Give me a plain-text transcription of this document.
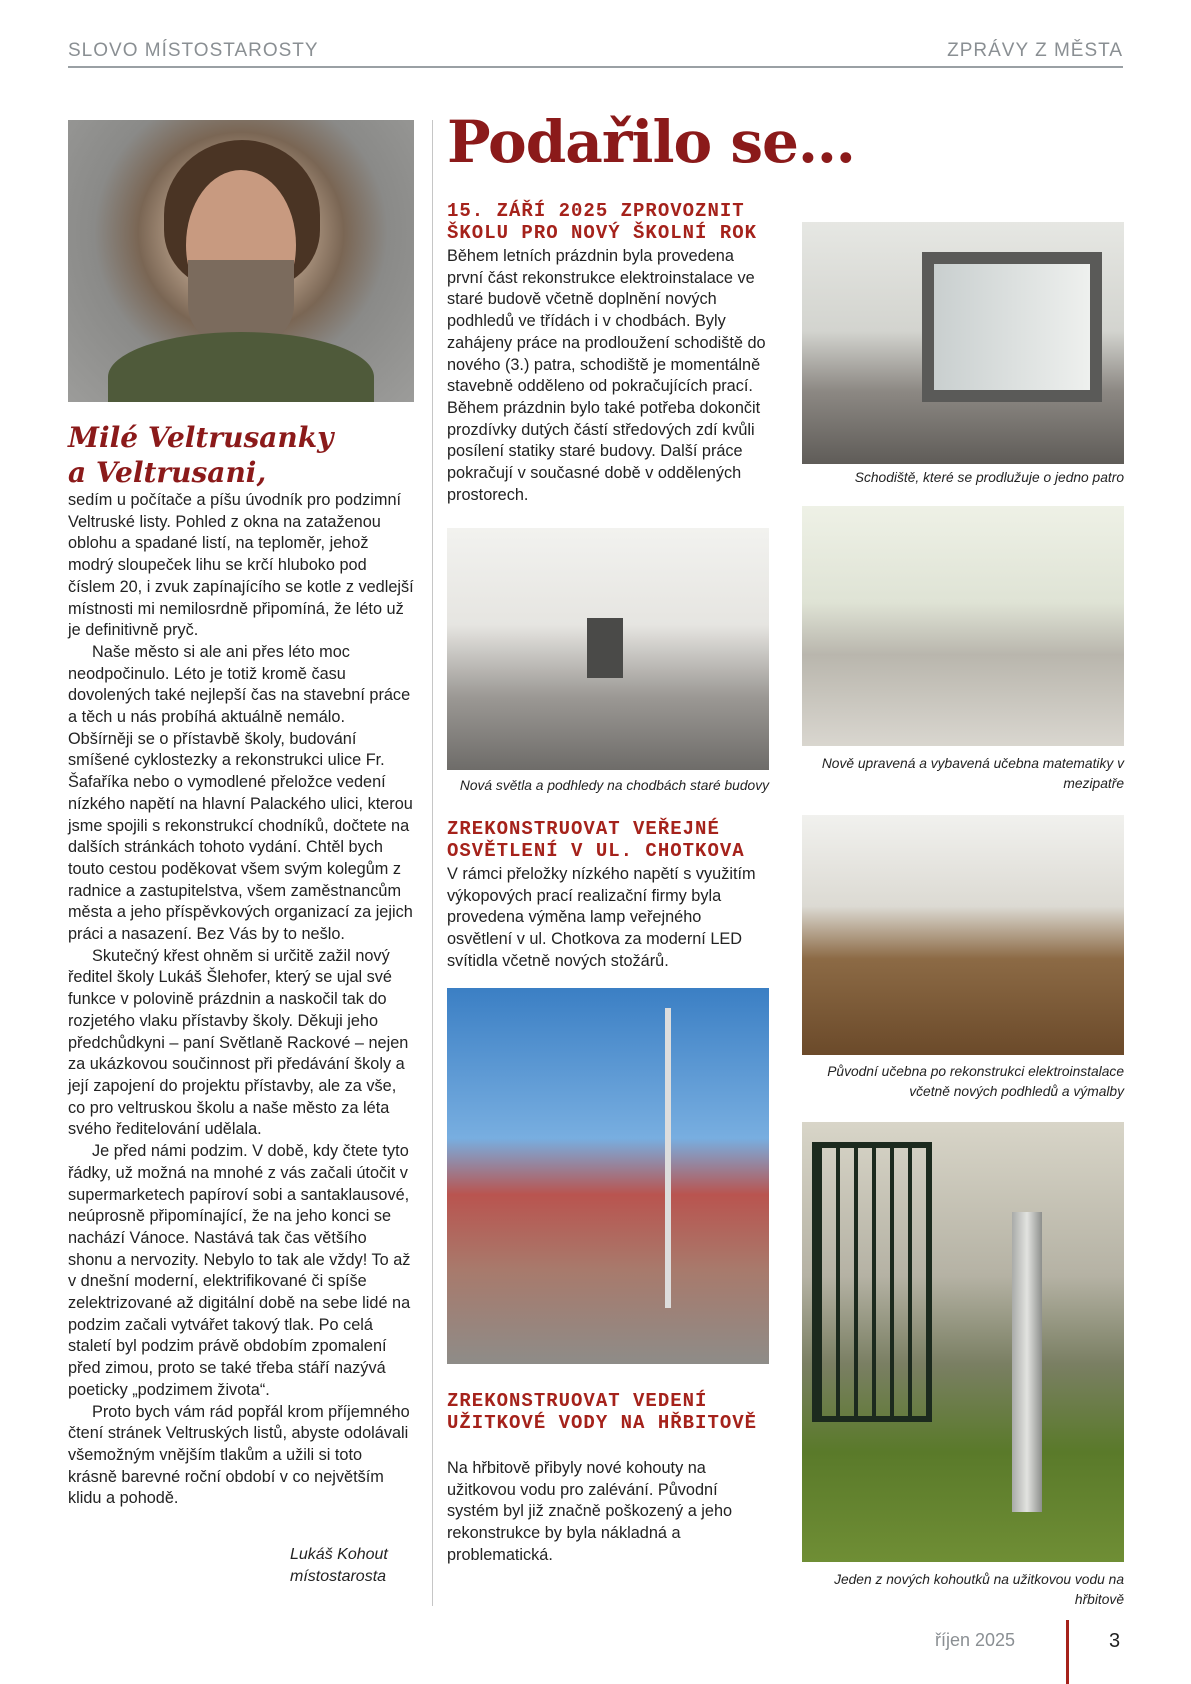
SLOVO MÍSTOSTAROSTY	ZPRÁVY Z MĚSTA
Milé Veltrusanky
a Veltrusani,

sedím u počítače a píšu úvodník pro podzimní Veltruské listy. Pohled z okna na zataženou oblohu a spadané listí, na teploměr, jehož modrý sloupeček lihu se krčí hluboko pod číslem 20, i zvuk zapínajícího se kotle z vedlejší místnosti mi nemilosrdně připomíná, že léto už je definitivně pryč.

Naše město si ale ani přes léto moc neodpočinulo. Léto je totiž kromě času dovolených také nejlepší čas na stavební práce a těch u nás probíhá aktuálně nemálo. Obšírněji se o přístavbě školy, budování smíšené cyklostezky a rekonstrukci ulice Fr. Šafaříka nebo o vymodlené přeložce vedení nízkého napětí na hlavní Palackého ulici, kterou jsme spojili s rekonstrukcí chodníků, dočtete na dalších stránkách tohoto vydání. Chtěl bych touto cestou poděkovat všem svým kolegům z radnice a zastupitelstva, všem zaměstnancům města a jeho příspěvkových organizací za jejich práci a nasazení. Bez Vás by to nešlo.

Skutečný křest ohněm si určitě zažil nový ředitel školy Lukáš Šlehofer, který se ujal své funkce v polovině prázdnin a naskočil tak do rozjetého vlaku přístavby školy. Děkuji jeho předchůdkyni – paní Světlaně Rackové – nejen za ukázkovou součinnost při předávání školy a její zapojení do projektu přístavby, ale za vše, co pro veltruskou školu a naše město za léta svého ředitelování udělala.

Je před námi podzim. V době, kdy čtete tyto řádky, už možná na mnohé z vás začali útočit v supermarketech papíroví sobi a santaklausové, neúprosně připomínající, že na jeho konci se nachází Vánoce. Nastává tak čas většího shonu a nervozity. Nebylo to tak ale vždy! To až v dnešní moderní, elektrifikované či spíše zelektrizované až digitální době na sebe lidé na podzim začali vytvářet takový tlak. Po celá staletí byl podzim právě obdobím zpomalení před zimou, proto se také třeba stáří nazývá poeticky „podzimem života“.

Proto bych vám rád popřál krom příjemného čtení stránek Veltruských listů, abyste odolávali všemožným vnějším tlakům a užili si toto krásně barevné roční období v co největším klidu a pohodě.

Lukáš Kohout
místostarosta
Podařilo se…
15. ZÁŘÍ 2025 ZPROVOZNIT ŠKOLU PRO NOVÝ ŠKOLNÍ ROK
Během letních prázdnin byla provedena první část rekonstrukce elektroinstalace ve staré budově včetně doplnění nových podhledů ve třídách i v chodbách. Byly zahájeny práce na prodloužení schodiště do nového (3.) patra, schodiště je momentálně stavebně odděleno od pokračujících prací. Během prázdnin bylo také potřeba dokončit prozdívky dutých částí středových zdí kvůli posílení statiky staré budovy. Další práce pokračují v současné době v oddělených prostorech.
Schodiště, které se prodlužuje o jedno patro
Nová světla a podhledy na chodbách staré budovy
Nově upravená a vybavená učebna matematiky v mezipatře
ZREKONSTRUOVAT VEŘEJNÉ OSVĚTLENÍ V UL. CHOTKOVA
V rámci přeložky nízkého napětí s využitím výkopových prací realizační firmy byla provedena výměna lamp veřejného osvětlení v ul. Chotkova za moderní LED svítidla včetně nových stožárů.
Původní učebna po rekonstrukci elektroinstalace včetně nových podhledů a výmalby
ZREKONSTRUOVAT VEDENÍ UŽITKOVÉ VODY NA HŘBITOVĚ
Na hřbitově přibyly nové kohouty na užitkovou vodu pro zalévání. Původní systém byl již značně poškozený a jeho rekonstrukce by byla nákladná a problematická.
Jeden z nových kohoutků na užitkovou vodu na hřbitově
říjen 2025	3
